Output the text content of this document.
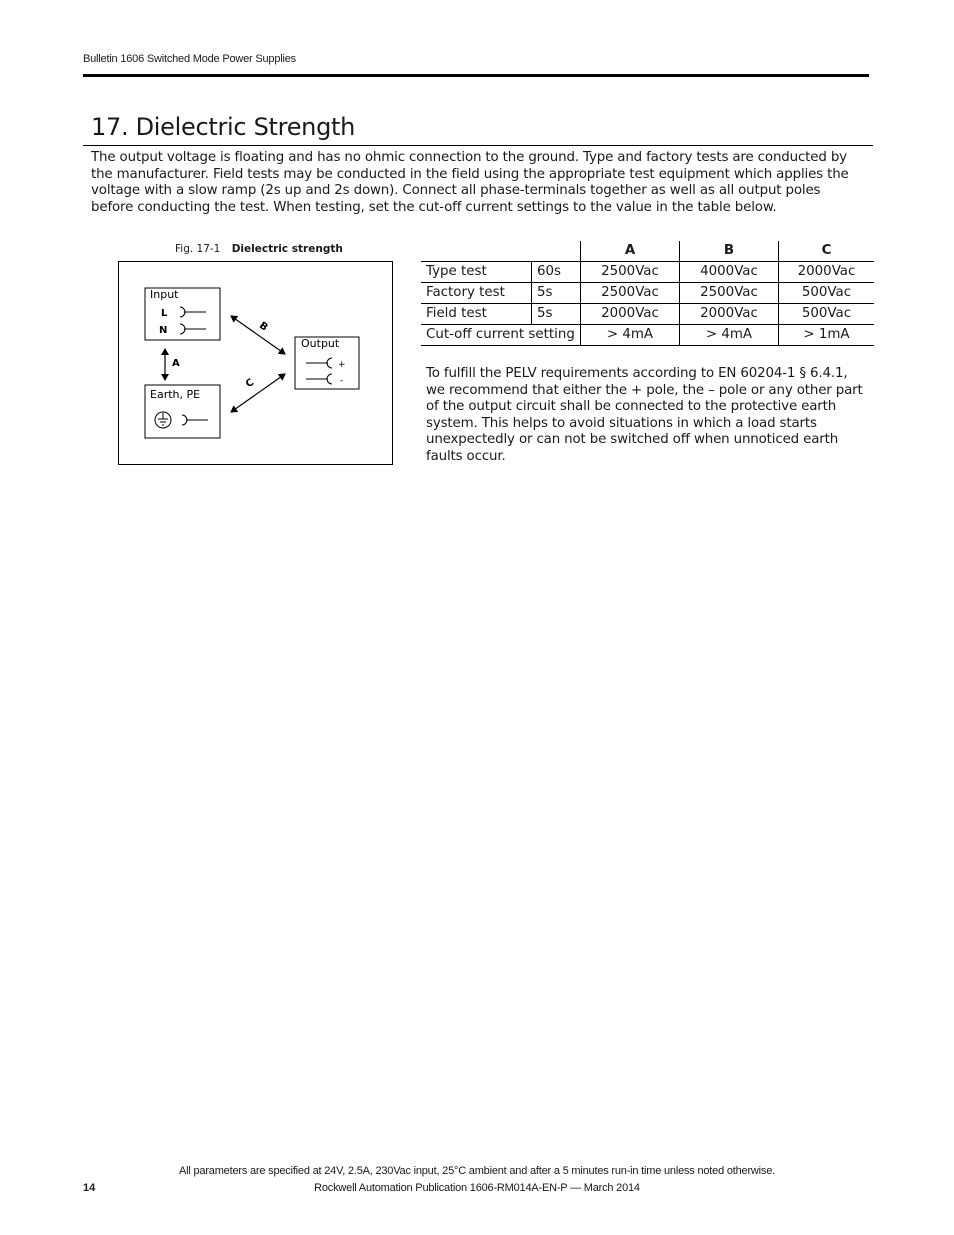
Bulletin 1606 Switched Mode Power Supplies
17. Dielectric Strength

The output voltage is floating and has no ohmic connection to the ground. Type and factory tests are conducted by the manufacturer. Field tests may be conducted in the field using the appropriate test equipment which applies the voltage with a slow ramp (2s up and 2s down). Connect all phase-terminals together as well as all output poles before conducting the test. When testing, set the cut-off current settings to the value in the table below.

Fig. 17-1 Dielectric strength
Input
L
N
Earth, PE
Output
+
-
A
B
C
		A	B	C
Type test	60s	2500Vac	4000Vac	2000Vac
Factory test	5s	2500Vac	2500Vac	500Vac
Field test	5s	2000Vac	2000Vac	500Vac
Cut-off current setting		> 4mA	> 4mA	> 1mA

To fulfill the PELV requirements according to EN 60204-1 § 6.4.1, we recommend that either the + pole, the – pole or any other part of the output circuit shall be connected to the protective earth system. This helps to avoid situations in which a load starts unexpectedly or can not be switched off when unnoticed earth faults occur.

All parameters are specified at 24V, 2.5A, 230Vac input, 25°C ambient and after a 5 minutes run-in time unless noted otherwise.
Rockwell Automation Publication 1606-RM014A-EN-P — March 2014
14
